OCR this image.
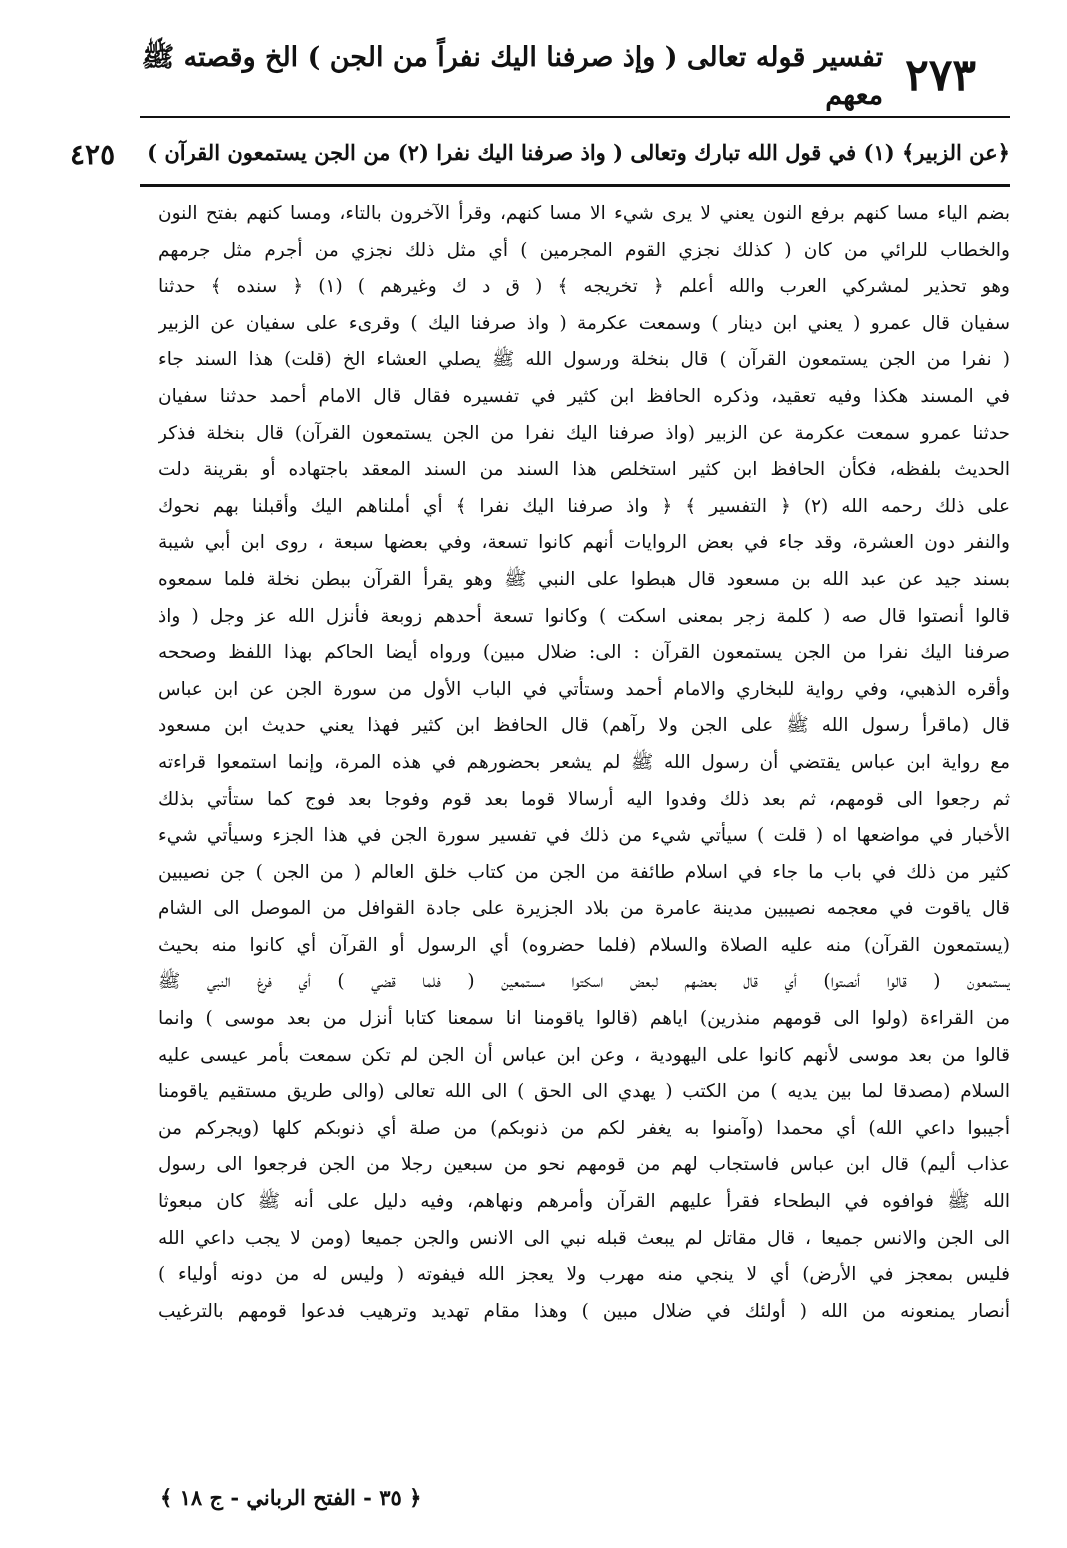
٢٧٣
تفسير قوله تعالى ( وإذ صرفنا اليك نفراً من الجن ) الخ وقصته ﷺ معهم
﴿عن الزبير﴾ (١) في قول الله تبارك وتعالى ( واذ صرفنا اليك نفرا (٢) من الجن يستمعون القرآن )
٤٢٥
بضم الياء مسا كنهم برفع النون يعني لا يرى شيء الا مسا كنهم، وقرأ الآخرون بالتاء، ومسا كنهم بفتح النون
والخطاب للرائي من كان ( كذلك نجزي القوم المجرمين ) أي مثل ذلك نجزي من أجرم مثل جرمهم
وهو تحذير لمشركي العرب والله أعلم ﴿ تخريجه ﴾ ( ق د ك وغيرهم ) (١) ﴿ سنده ﴾ حدثنا
سفيان قال عمرو ( يعني ابن دينار ) وسمعت عكرمة ( واذ صرفنا اليك ) وقرىء على سفيان عن الزبير
( نفرا من الجن يستمعون القرآن ) قال بنخلة ورسول الله ﷺ يصلي العشاء الخ (قلت) هذا السند جاء
في المسند هكذا وفيه تعقيد، وذكره الحافظ ابن كثير في تفسيره فقال قال الامام أحمد حدثنا سفيان
حدثنا عمرو سمعت عكرمة عن الزبير (واذ صرفنا اليك نفرا من الجن يستمعون القرآن) قال بنخلة فذكر
الحديث بلفظه، فكأن الحافظ ابن كثير استخلص هذا السند من السند المعقد باجتهاده أو بقرينة دلت
على ذلك رحمه الله (٢) ﴿ التفسير ﴾ ﴿ واذ صرفنا اليك نفرا ﴾ أي أملناهم اليك وأقبلنا بهم نحوك
والنفر دون العشرة، وقد جاء في بعض الروايات أنهم كانوا تسعة، وفي بعضها سبعة ، روى ابن أبي شيبة
بسند جيد عن عبد الله بن مسعود قال هبطوا على النبي ﷺ وهو يقرأ القرآن ببطن نخلة فلما سمعوه
قالوا أنصتوا قال صه ( كلمة زجر بمعنى اسكت ) وكانوا تسعة أحدهم زوبعة فأنزل الله عز وجل ( واذ
صرفنا اليك نفرا من الجن يستمعون القرآن : الى: ضلال مبين) ورواه أيضا الحاكم بهذا اللفظ وصححه
وأقره الذهبي، وفي رواية للبخاري والامام أحمد وستأتي في الباب الأول من سورة الجن عن ابن عباس
قال (ماقرأ رسول الله ﷺ على الجن ولا رآهم) قال الحافظ ابن كثير فهذا يعني حديث ابن مسعود
مع رواية ابن عباس يقتضي أن رسول الله ﷺ لم يشعر بحضورهم في هذه المرة، وإنما استمعوا قراءته
ثم رجعوا الى قومهم، ثم بعد ذلك وفدوا اليه أرسالا قوما بعد قوم وفوجا بعد فوج كما ستأتي بذلك
الأخبار في مواضعها اه ( قلت ) سيأتي شيء من ذلك في تفسير سورة الجن في هذا الجزء وسيأتي شيء
كثير من ذلك في باب ما جاء في اسلام طائفة من الجن من كتاب خلق العالم ( من الجن ) جن نصيبين
قال ياقوت في معجمه نصيبين مدينة عامرة من بلاد الجزيرة على جادة القوافل من الموصل الى الشام
(يستمعون القرآن) منه عليه الصلاة والسلام (فلما حضروه) أي الرسول أو القرآن أي كانوا منه بحيث
يستمعون ( قالوا أنصتوا) أي قال بعضهم لبعض اسكتوا مستمعين ( فلما قضي ) أي فرغ النبي ﷺ
من القراءة (ولوا الى قومهم منذرين) اياهم (قالوا ياقومنا انا سمعنا كتابا أنزل من بعد موسى ) وانما
قالوا من بعد موسى لأنهم كانوا على اليهودية ، وعن ابن عباس أن الجن لم تكن سمعت بأمر عيسى عليه
السلام (مصدقا لما بين يديه ) من الكتب ( يهدي الى الحق ) الى الله تعالى (والى طريق مستقيم ياقومنا
أجيبوا داعي الله) أي محمدا (وآمنوا به يغفر لكم من ذنوبكم) من صلة أي ذنوبكم كلها (ويجركم من
عذاب أليم) قال ابن عباس فاستجاب لهم من قومهم نحو من سبعين رجلا من الجن فرجعوا الى رسول
الله ﷺ فوافوه في البطحاء فقرأ عليهم القرآن وأمرهم ونهاهم، وفيه دليل على أنه ﷺ كان مبعوثا
الى الجن والانس جميعا ، قال مقاتل لم يبعث قبله نبي الى الانس والجن جميعا (ومن لا يجب داعي الله
فليس بمعجز في الأرض) أي لا ينجي منه مهرب ولا يعجز الله فيفوته ( وليس له من دونه أولياء )
أنصار يمنعونه من الله ( أولئك في ضلال مبين ) وهذا مقام تهديد وترهيب فدعوا قومهم بالترغيب
﴿ ٣٥ - الفتح الرباني - ج ١٨ ﴾
